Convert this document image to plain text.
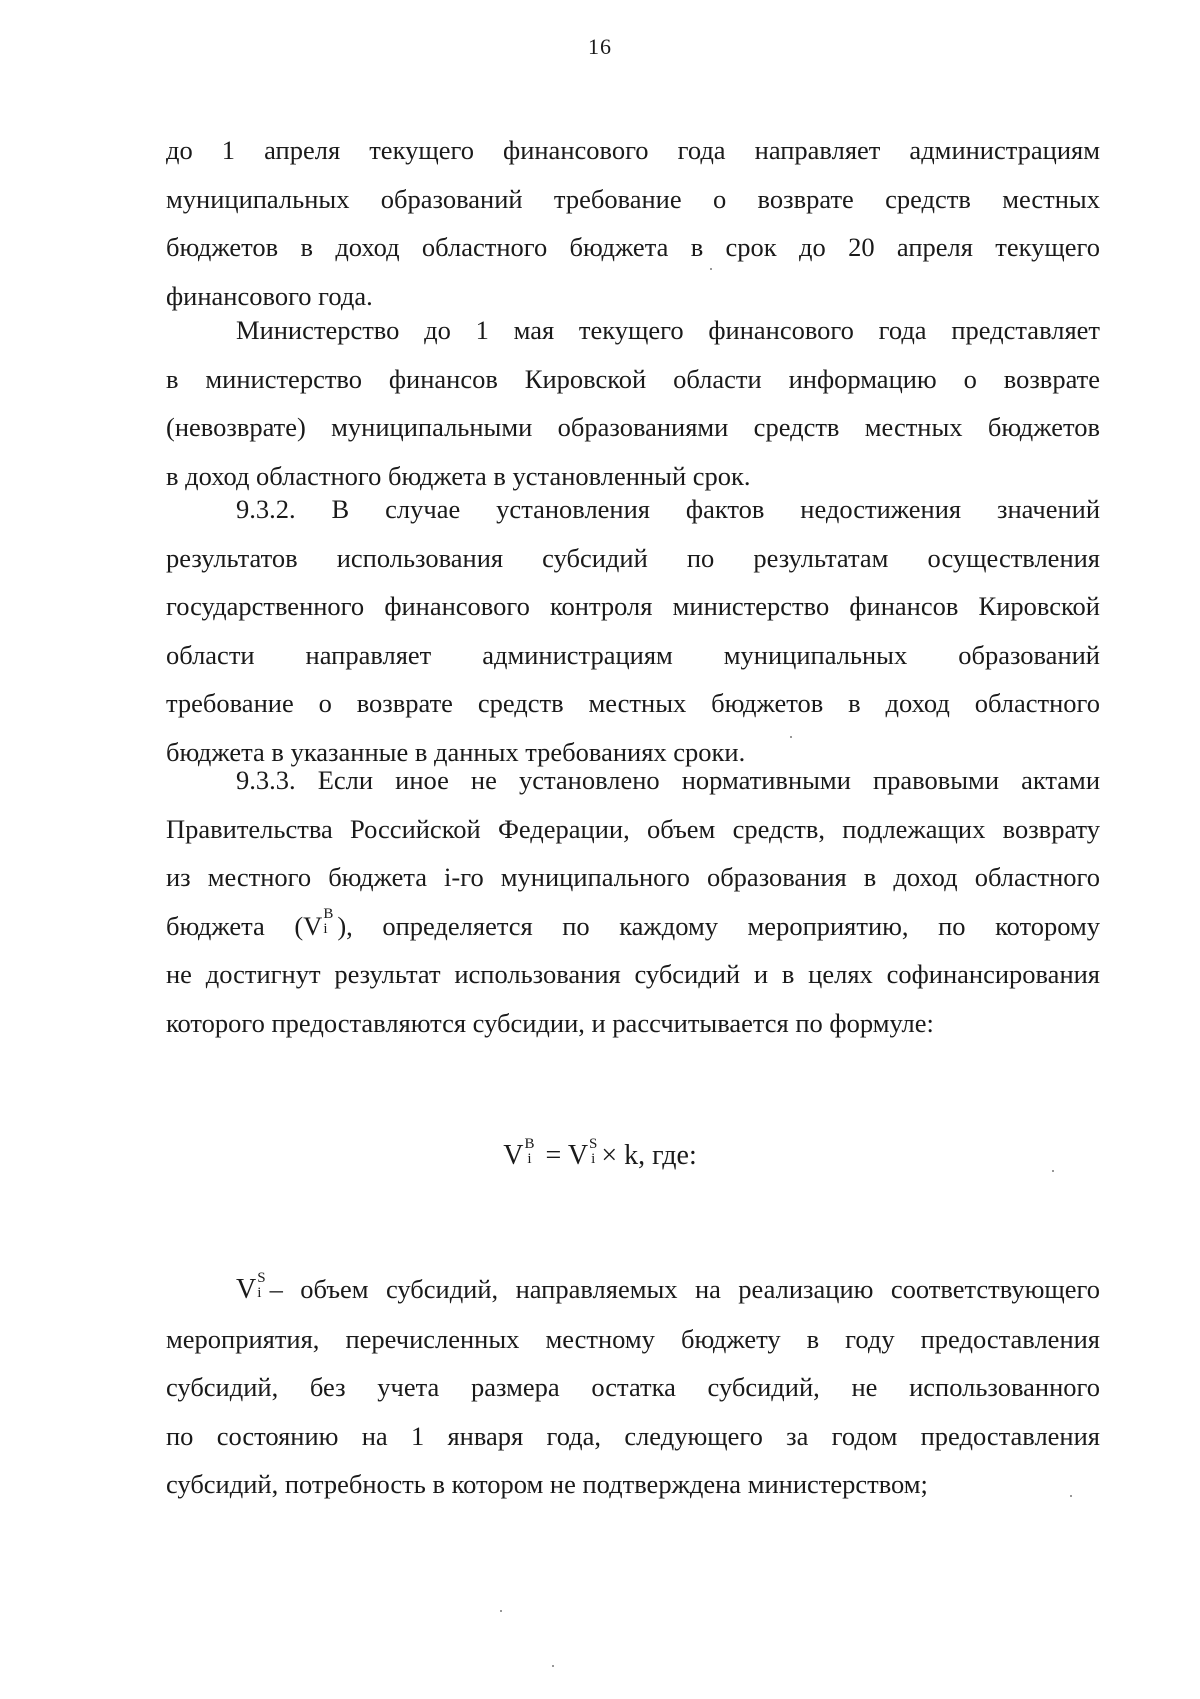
16
до 1 апреля текущего финансового года направляет администрациям
муниципальных образований требование о возврате средств местных
бюджетов в доход областного бюджета в срок до 20 апреля текущего
финансового года.
Министерство до 1 мая текущего финансового года представляет
в министерство финансов Кировской области информацию о возврате
(невозврате) муниципальными образованиями средств местных бюджетов
в доход областного бюджета в установленный срок.
9.3.2. В случае установления фактов недостижения значений
результатов использования субсидий по результатам осуществления
государственного финансового контроля министерство финансов Кировской
области направляет администрациям муниципальных образований
требование о возврате средств местных бюджетов в доход областного
бюджета в указанные в данных требованиях сроки.
9.3.3. Если иное не установлено нормативными правовыми актами
Правительства Российской Федерации, объем средств, подлежащих возврату
из местного бюджета i-го муниципального образования в доход областного
бюджета (V В
i ), определяется по каждому мероприятию, по которому
не достигнут результат использования субсидий и в целях софинансирования
которого предоставляются субсидии, и рассчитывается по формуле:
V В
i = V S
i × k, где:
V S
i – объем субсидий, направляемых на реализацию соответствующего
мероприятия, перечисленных местному бюджету в году предоставления
субсидий, без учета размера остатка субсидий, не использованного
по состоянию на 1 января года, следующего за годом предоставления
субсидий, потребность в котором не подтверждена министерством;
